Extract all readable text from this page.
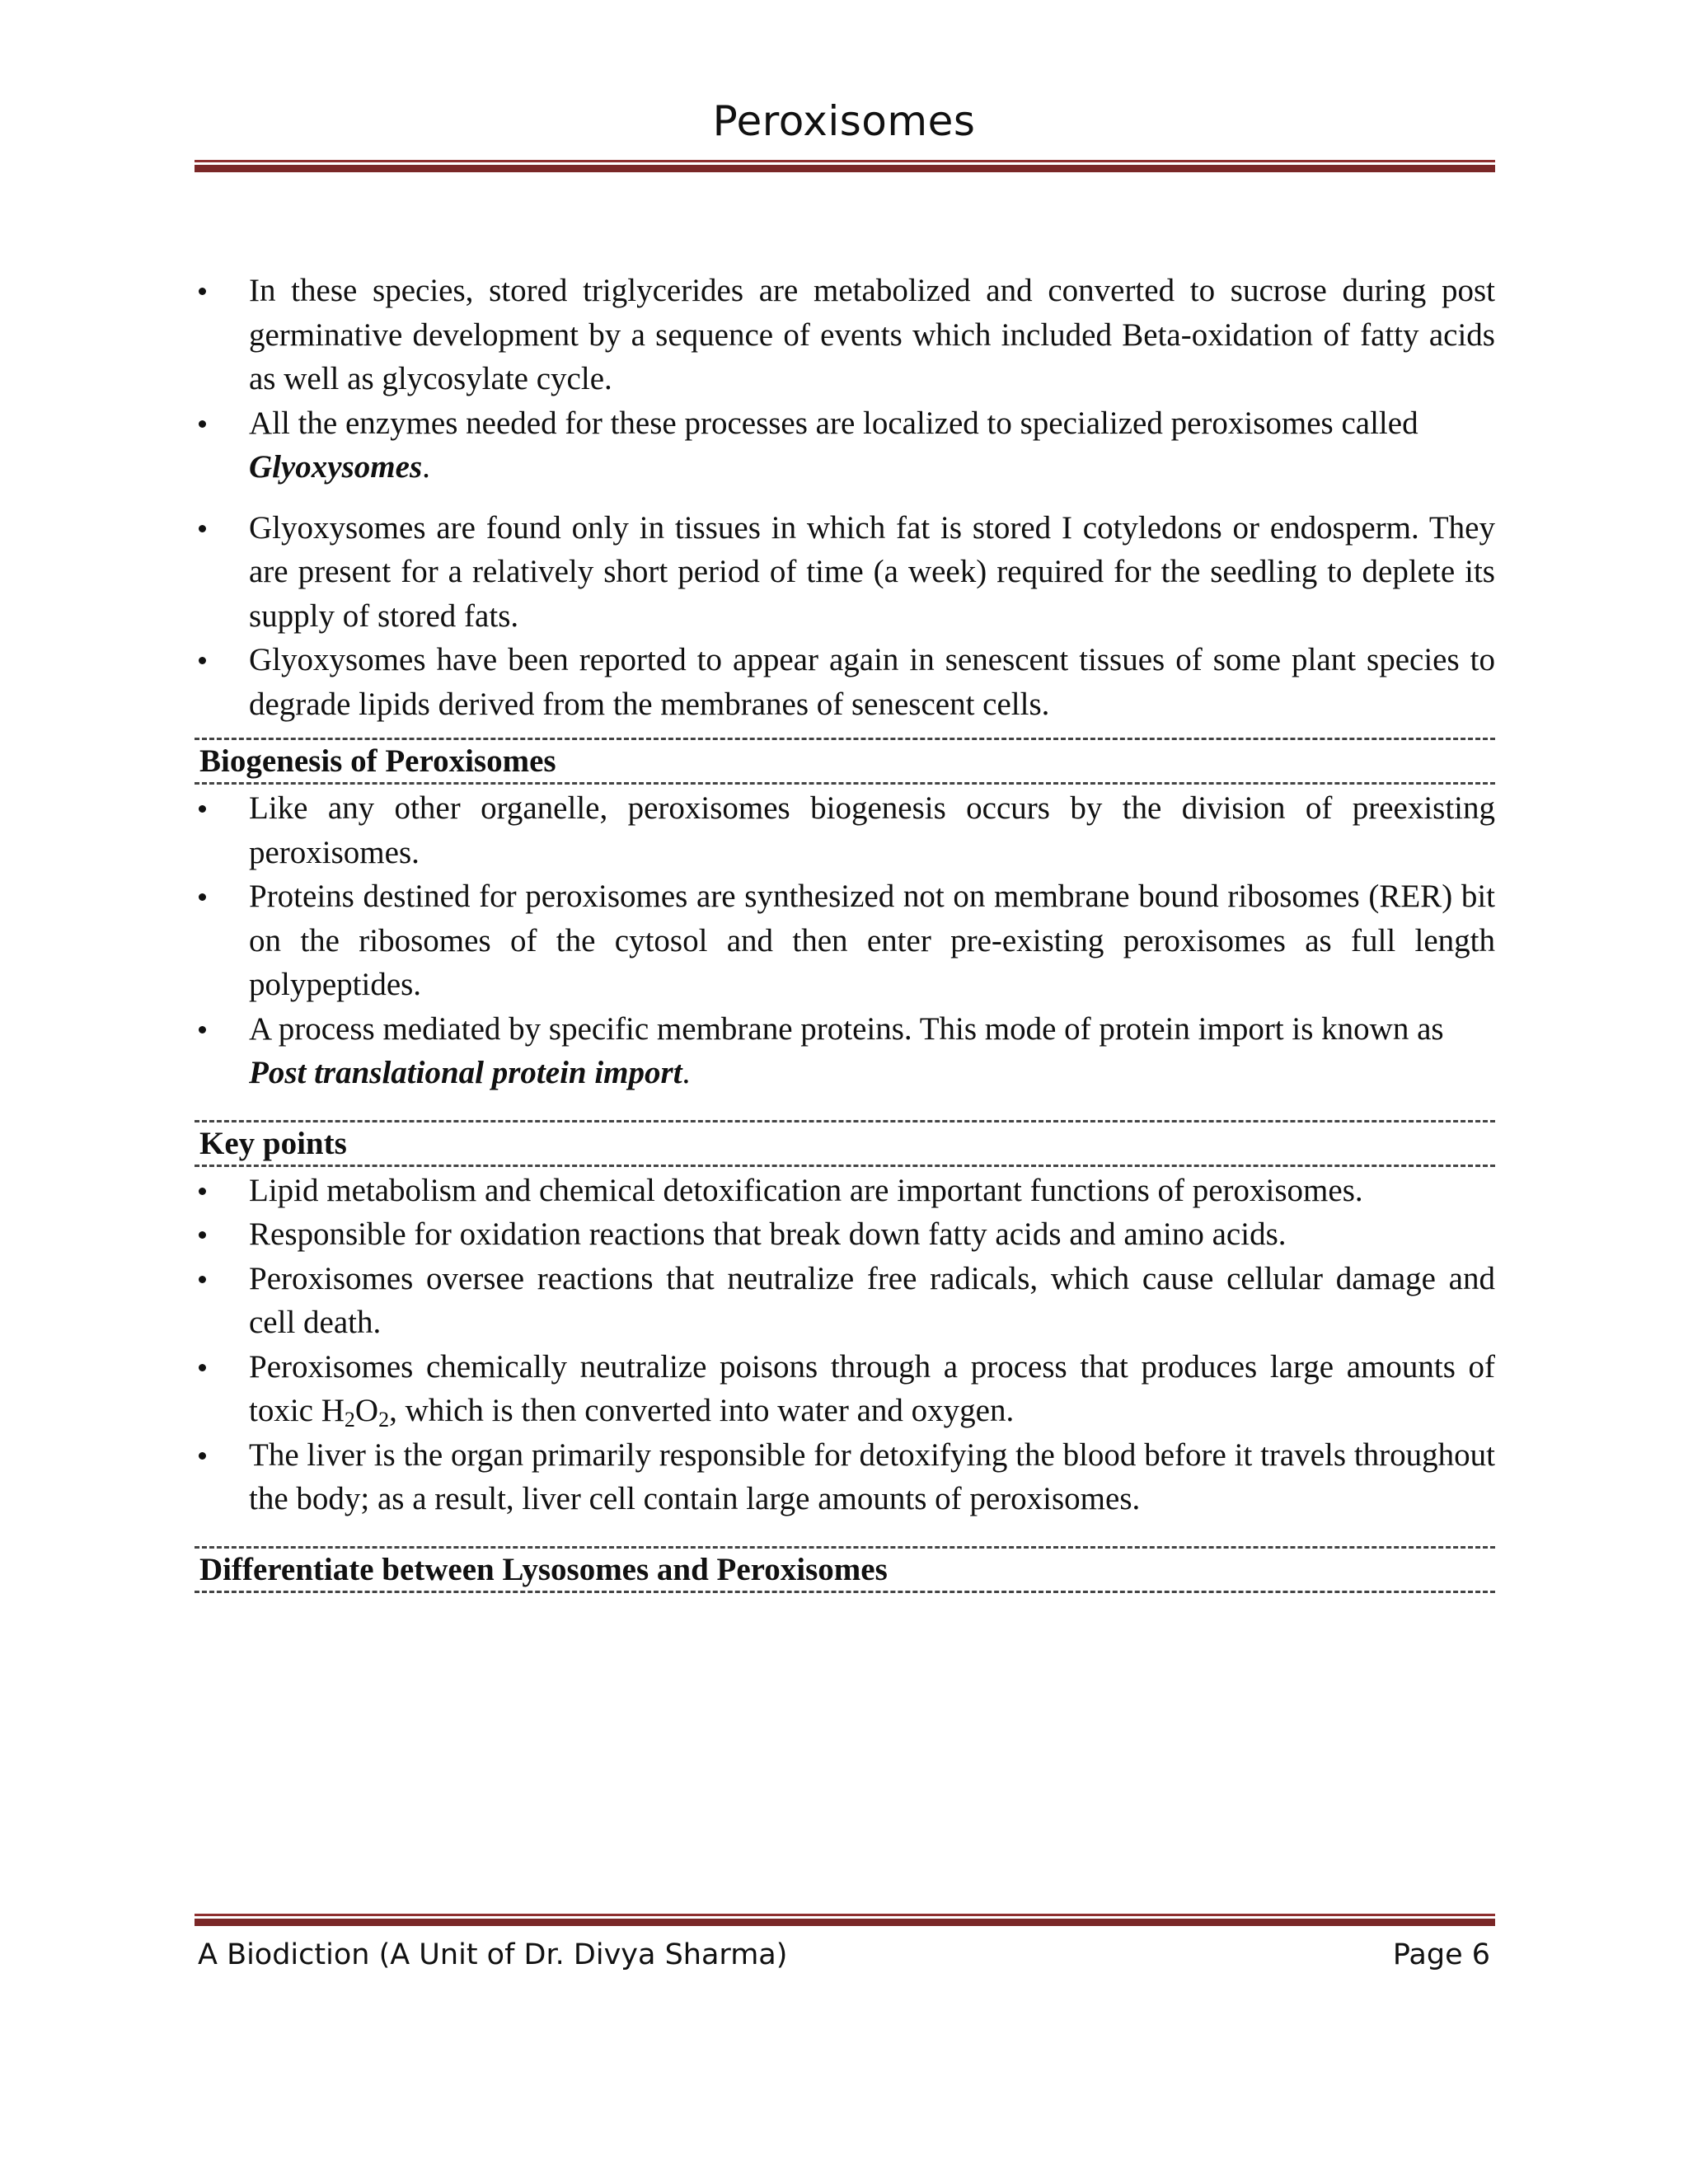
Peroxisomes
In these species, stored triglycerides are metabolized and converted to sucrose during post germinative development by a sequence of events which included Beta-oxidation of fatty acids as well as glycosylate cycle.
All the enzymes needed for these processes are localized to specialized peroxisomes called
Glyoxysomes.
Glyoxysomes are found only in tissues in which fat is stored I cotyledons or endosperm. They are present for a relatively short period of time (a week) required for the seedling to deplete its supply of stored fats.
Glyoxysomes have been reported to appear again in senescent tissues of some plant species to degrade lipids derived from the membranes of senescent cells.
Biogenesis of Peroxisomes
Like any other organelle, peroxisomes biogenesis occurs by the division of preexisting peroxisomes.
Proteins destined for peroxisomes are synthesized not on membrane bound ribosomes (RER) bit on the ribosomes of the cytosol and then enter pre-existing peroxisomes as full length polypeptides.
A process mediated by specific membrane proteins. This mode of protein import is known as
Post translational protein import.
Key points
Lipid metabolism and chemical detoxification are important functions of peroxisomes.
Responsible for oxidation reactions that break down fatty acids and amino acids.
Peroxisomes oversee reactions that neutralize free radicals, which cause cellular damage and cell death.
Peroxisomes chemically neutralize poisons through a process that produces large amounts of toxic $H_2O_2$, which is then converted into water and oxygen.
The liver is the organ primarily responsible for detoxifying the blood before it travels throughout the body; as a result, liver cell contain large amounts of peroxisomes.
Differentiate between Lysosomes and Peroxisomes
A Biodiction (A Unit of Dr. Divya Sharma)	Page 6
